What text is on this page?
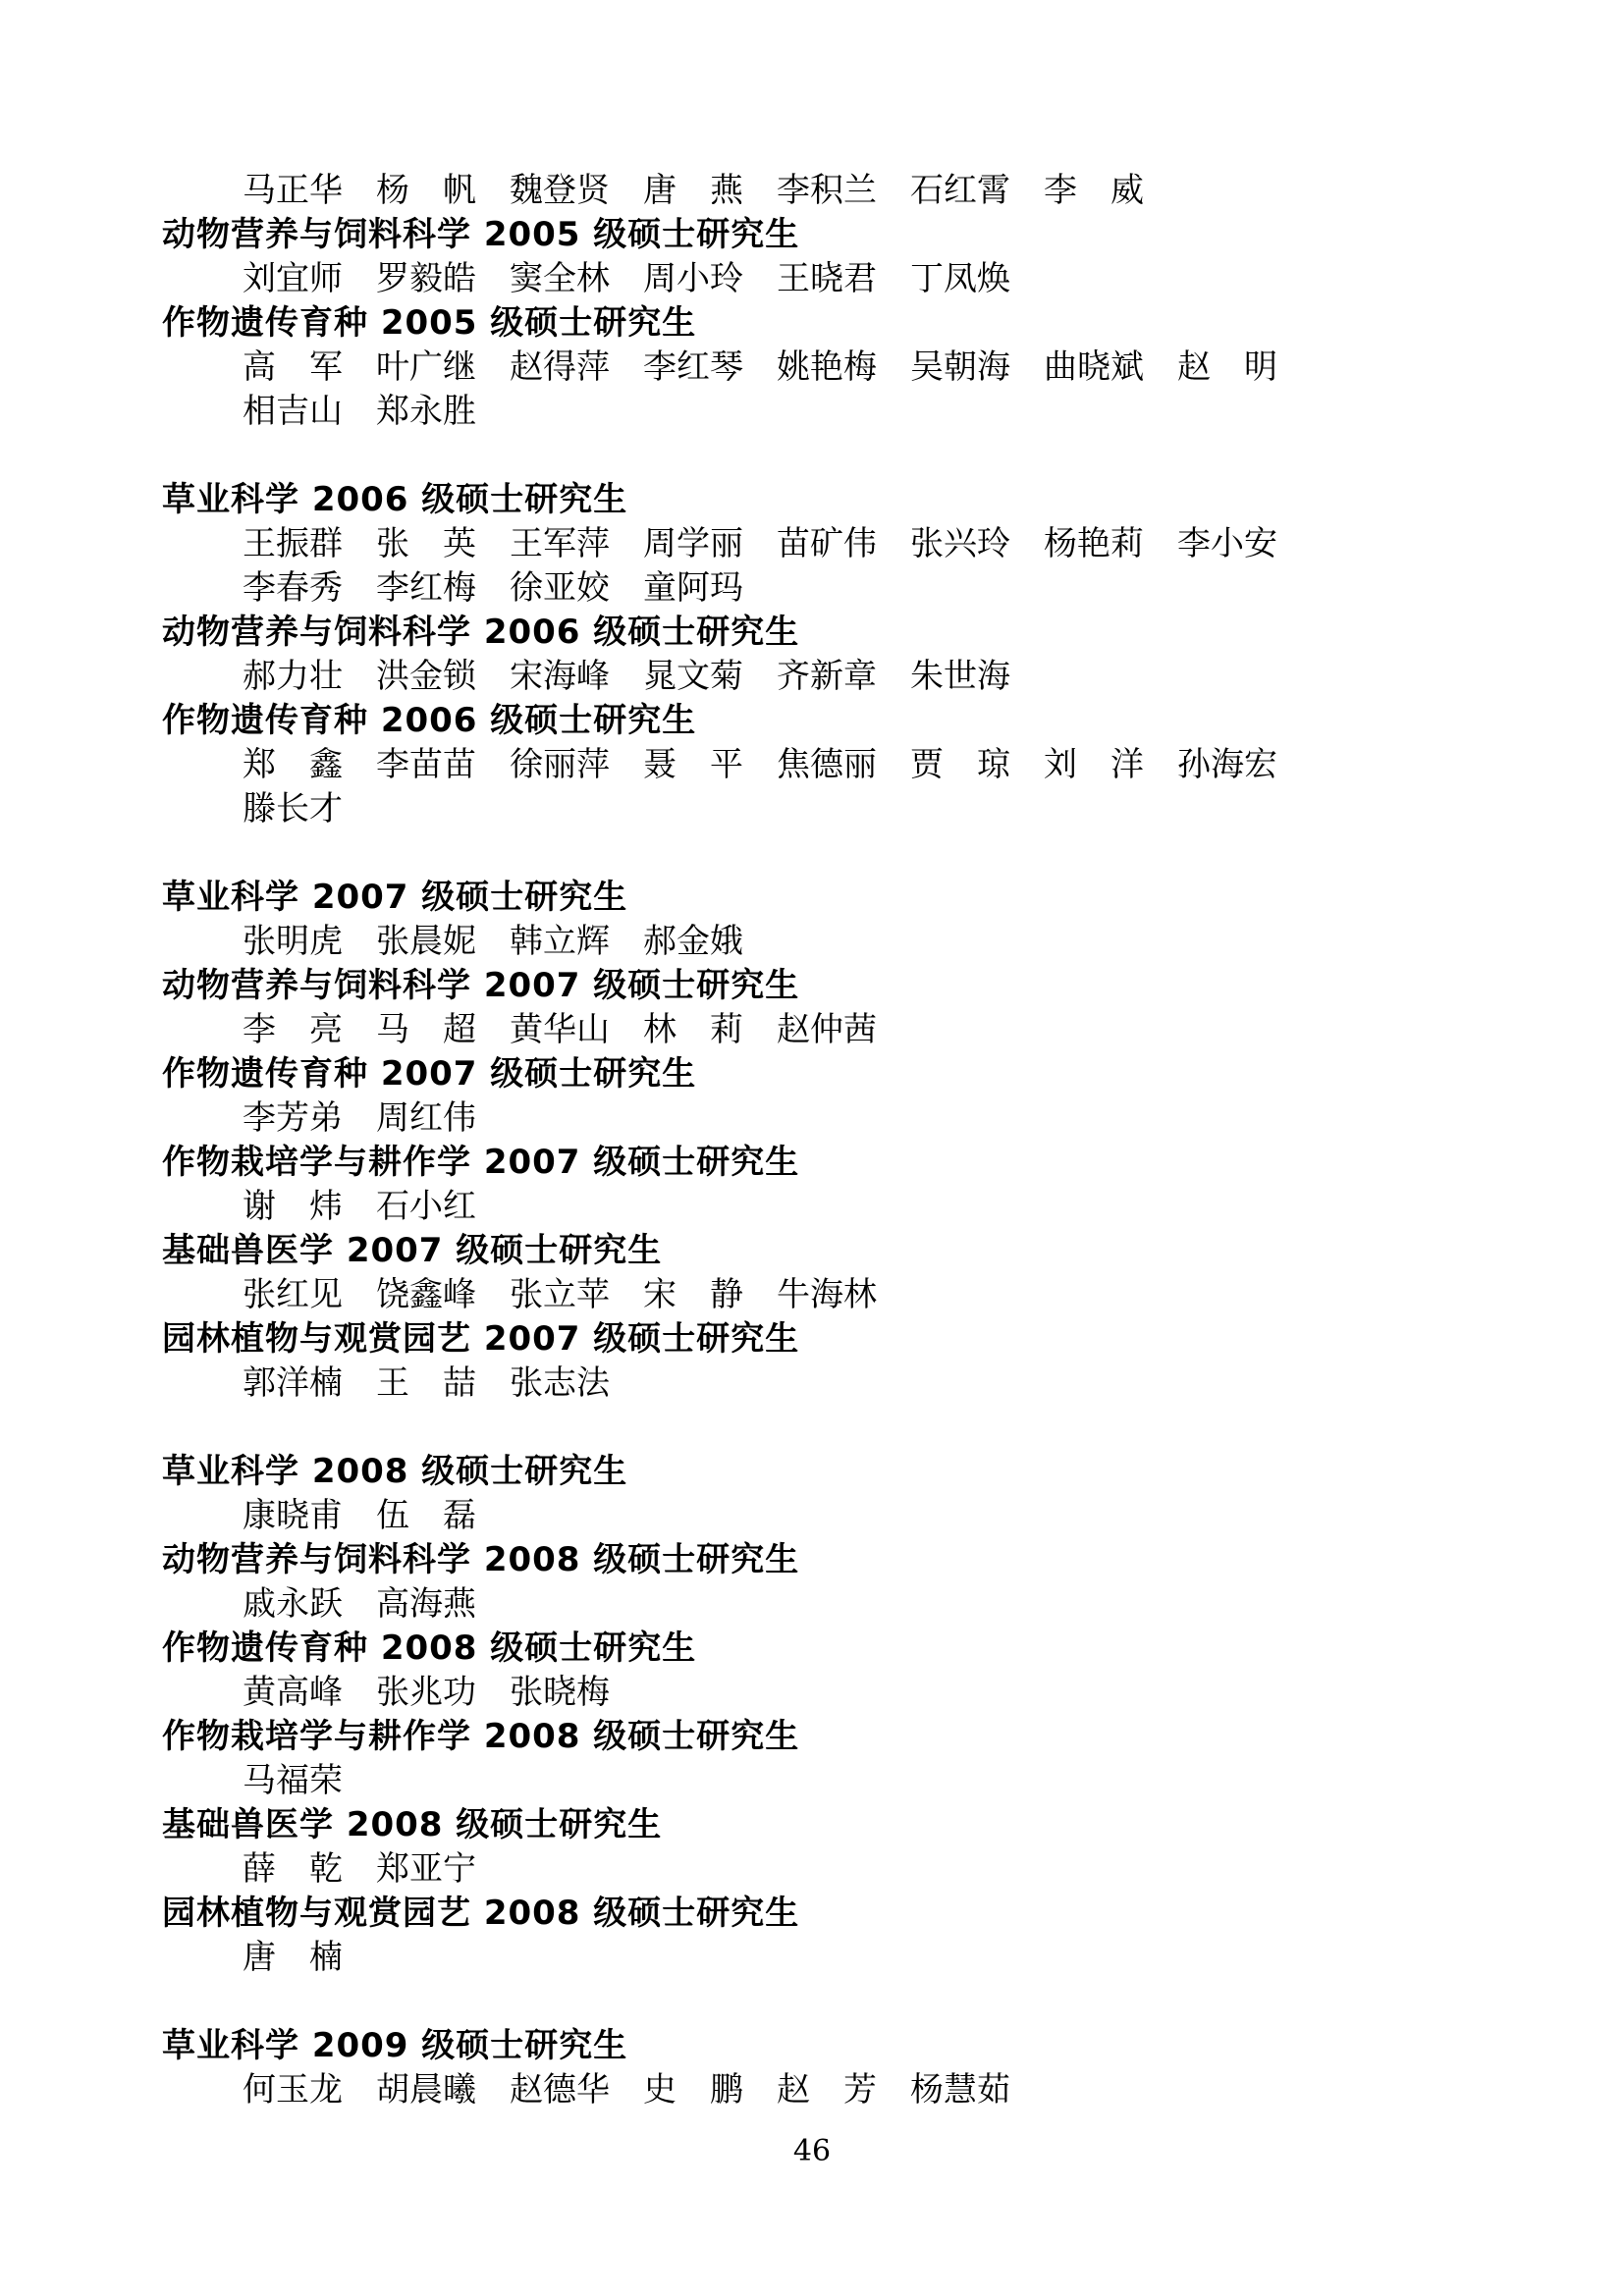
马正华　杨　帆　魏登贤　唐　燕　李积兰　石红霄　李　威

动物营养与饲料科学 2005 级硕士研究生

刘宜师　罗毅皓　窦全林　周小玲　王晓君　丁凤焕

作物遗传育种 2005 级硕士研究生

高　军　叶广继　赵得萍　李红琴　姚艳梅　吴朝海　曲晓斌　赵　明

相吉山　郑永胜

草业科学 2006 级硕士研究生

王振群　张　英　王军萍　周学丽　苗矿伟　张兴玲　杨艳莉　李小安

李春秀　李红梅　徐亚姣　童阿玛

动物营养与饲料科学 2006 级硕士研究生

郝力壮　洪金锁　宋海峰　晁文菊　齐新章　朱世海

作物遗传育种 2006 级硕士研究生

郑　鑫　李苗苗　徐丽萍　聂　平　焦德丽　贾　琼　刘　洋　孙海宏

滕长才

草业科学 2007 级硕士研究生

张明虎　张晨妮　韩立辉　郝金娥

动物营养与饲料科学 2007 级硕士研究生

李　亮　马　超　黄华山　林　莉　赵仲茜

作物遗传育种 2007 级硕士研究生

李芳弟　周红伟

作物栽培学与耕作学 2007 级硕士研究生

谢　炜　石小红

基础兽医学 2007 级硕士研究生

张红见　饶鑫峰　张立苹　宋　静　牛海林

园林植物与观赏园艺 2007 级硕士研究生

郭洋楠　王　喆　张志法

草业科学 2008 级硕士研究生

康晓甫　伍　磊

动物营养与饲料科学 2008 级硕士研究生

戚永跃　高海燕

作物遗传育种 2008 级硕士研究生

黄高峰　张兆功　张晓梅

作物栽培学与耕作学 2008 级硕士研究生

马福荣

基础兽医学 2008 级硕士研究生

薛　乾　郑亚宁

园林植物与观赏园艺 2008 级硕士研究生

唐　楠

草业科学 2009 级硕士研究生

何玉龙　胡晨曦　赵德华　史　鹏　赵　芳　杨慧茹

46
